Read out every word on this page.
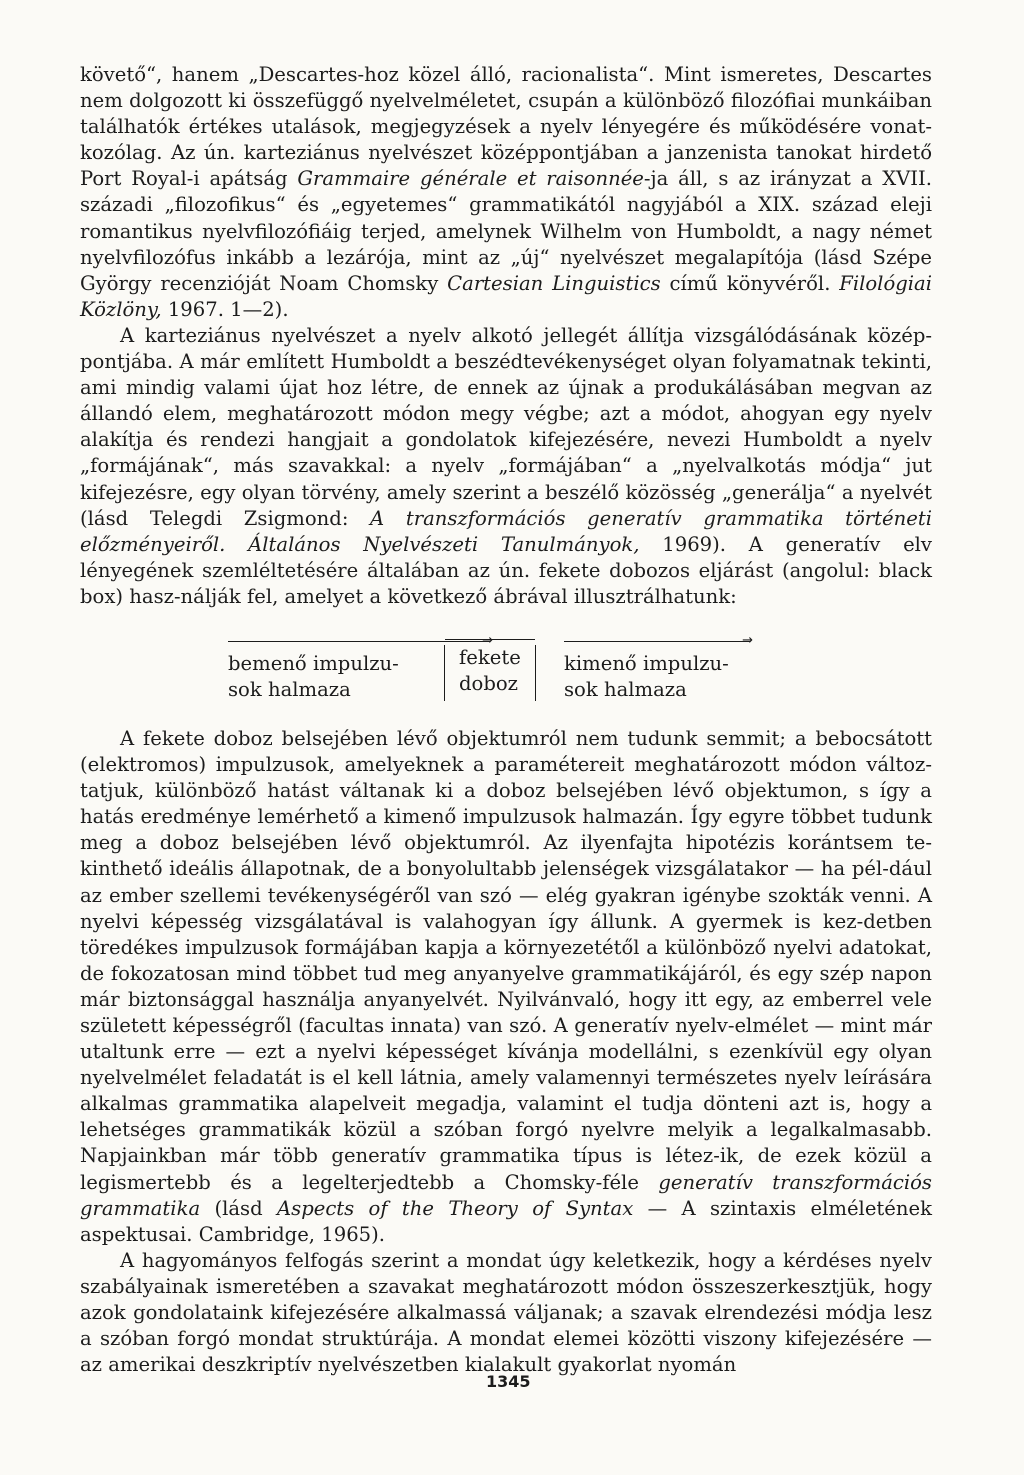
követő“, hanem „Descartes-hoz közel álló, racionalista“. Mint ismeretes, Descartes nem dolgozott ki összefüggő nyelvelméletet, csupán a különböző filozófiai munkáiban találhatók értékes utalások, megjegyzések a nyelv lényegére és működésére vonat-kozólag. Az ún. karteziánus nyelvészet középpontjában a janzenista tanokat hirdető Port Royal-i apátság Grammaire générale et raisonnée-ja áll, s az irányzat a XVII. századi „filozofikus“ és „egyetemes“ grammatikától nagyjából a XIX. század eleji romantikus nyelvfilozófiáig terjed, amelynek Wilhelm von Humboldt, a nagy német nyelvfilozófus inkább a lezárója, mint az „új“ nyelvészet megalapítója (lásd Szépe György recenzióját Noam Chomsky Cartesian Linguistics című könyvéről. Filológiai Közlöny, 1967. 1—2).

A karteziánus nyelvészet a nyelv alkotó jellegét állítja vizsgálódásának közép-pontjába. A már említett Humboldt a beszédtevékenységet olyan folyamatnak tekinti, ami mindig valami újat hoz létre, de ennek az újnak a produkálásában megvan az állandó elem, meghatározott módon megy végbe; azt a módot, ahogyan egy nyelv alakítja és rendezi hangjait a gondolatok kifejezésére, nevezi Humboldt a nyelv „formájának“, más szavakkal: a nyelv „formájában“ a „nyelvalkotás módja“ jut kifejezésre, egy olyan törvény, amely szerint a beszélő közösség „generálja“ a nyelvét (lásd Telegdi Zsigmond: A transzformációs generatív grammatika történeti előzményeiről. Általános Nyelvészeti Tanulmányok, 1969). A generatív elv lényegének szemléltetésére általában az ún. fekete dobozos eljárást (angolul: black box) hasz-nálják fel, amelyet a következő ábrával illusztrálhatunk:

→
bemenő impulzu-
sok halmaza
fekete
doboz
→
kimenő impulzu-
sok halmaza

A fekete doboz belsejében lévő objektumról nem tudunk semmit; a bebocsátott (elektromos) impulzusok, amelyeknek a paramétereit meghatározott módon változ-tatjuk, különböző hatást váltanak ki a doboz belsejében lévő objektumon, s így a hatás eredménye lemérhető a kimenő impulzusok halmazán. Így egyre többet tudunk meg a doboz belsejében lévő objektumról. Az ilyenfajta hipotézis korántsem te-kinthető ideális állapotnak, de a bonyolultabb jelenségek vizsgálatakor — ha pél-dául az ember szellemi tevékenységéről van szó — elég gyakran igénybe szokták venni. A nyelvi képesség vizsgálatával is valahogyan így állunk. A gyermek is kez-detben töredékes impulzusok formájában kapja a környezetétől a különböző nyelvi adatokat, de fokozatosan mind többet tud meg anyanyelve grammatikájáról, és egy szép napon már biztonsággal használja anyanyelvét. Nyilvánvaló, hogy itt egy, az emberrel vele született képességről (facultas innata) van szó. A generatív nyelv-elmélet — mint már utaltunk erre — ezt a nyelvi képességet kívánja modellálni, s ezenkívül egy olyan nyelvelmélet feladatát is el kell látnia, amely valamennyi természetes nyelv leírására alkalmas grammatika alapelveit megadja, valamint el tudja dönteni azt is, hogy a lehetséges grammatikák közül a szóban forgó nyelvre melyik a legalkalmasabb. Napjainkban már több generatív grammatika típus is létez-ik, de ezek közül a legismertebb és a legelterjedtebb a Chomsky-féle generatív transzformációs grammatika (lásd Aspects of the Theory of Syntax — A szintaxis elméletének aspektusai. Cambridge, 1965).

A hagyományos felfogás szerint a mondat úgy keletkezik, hogy a kérdéses nyelv szabályainak ismeretében a szavakat meghatározott módon összeszerkesztjük, hogy azok gondolataink kifejezésére alkalmassá váljanak; a szavak elrendezési módja lesz a szóban forgó mondat struktúrája. A mondat elemei közötti viszony kifejezésére — az amerikai deszkriptív nyelvészetben kialakult gyakorlat nyomán

1345
